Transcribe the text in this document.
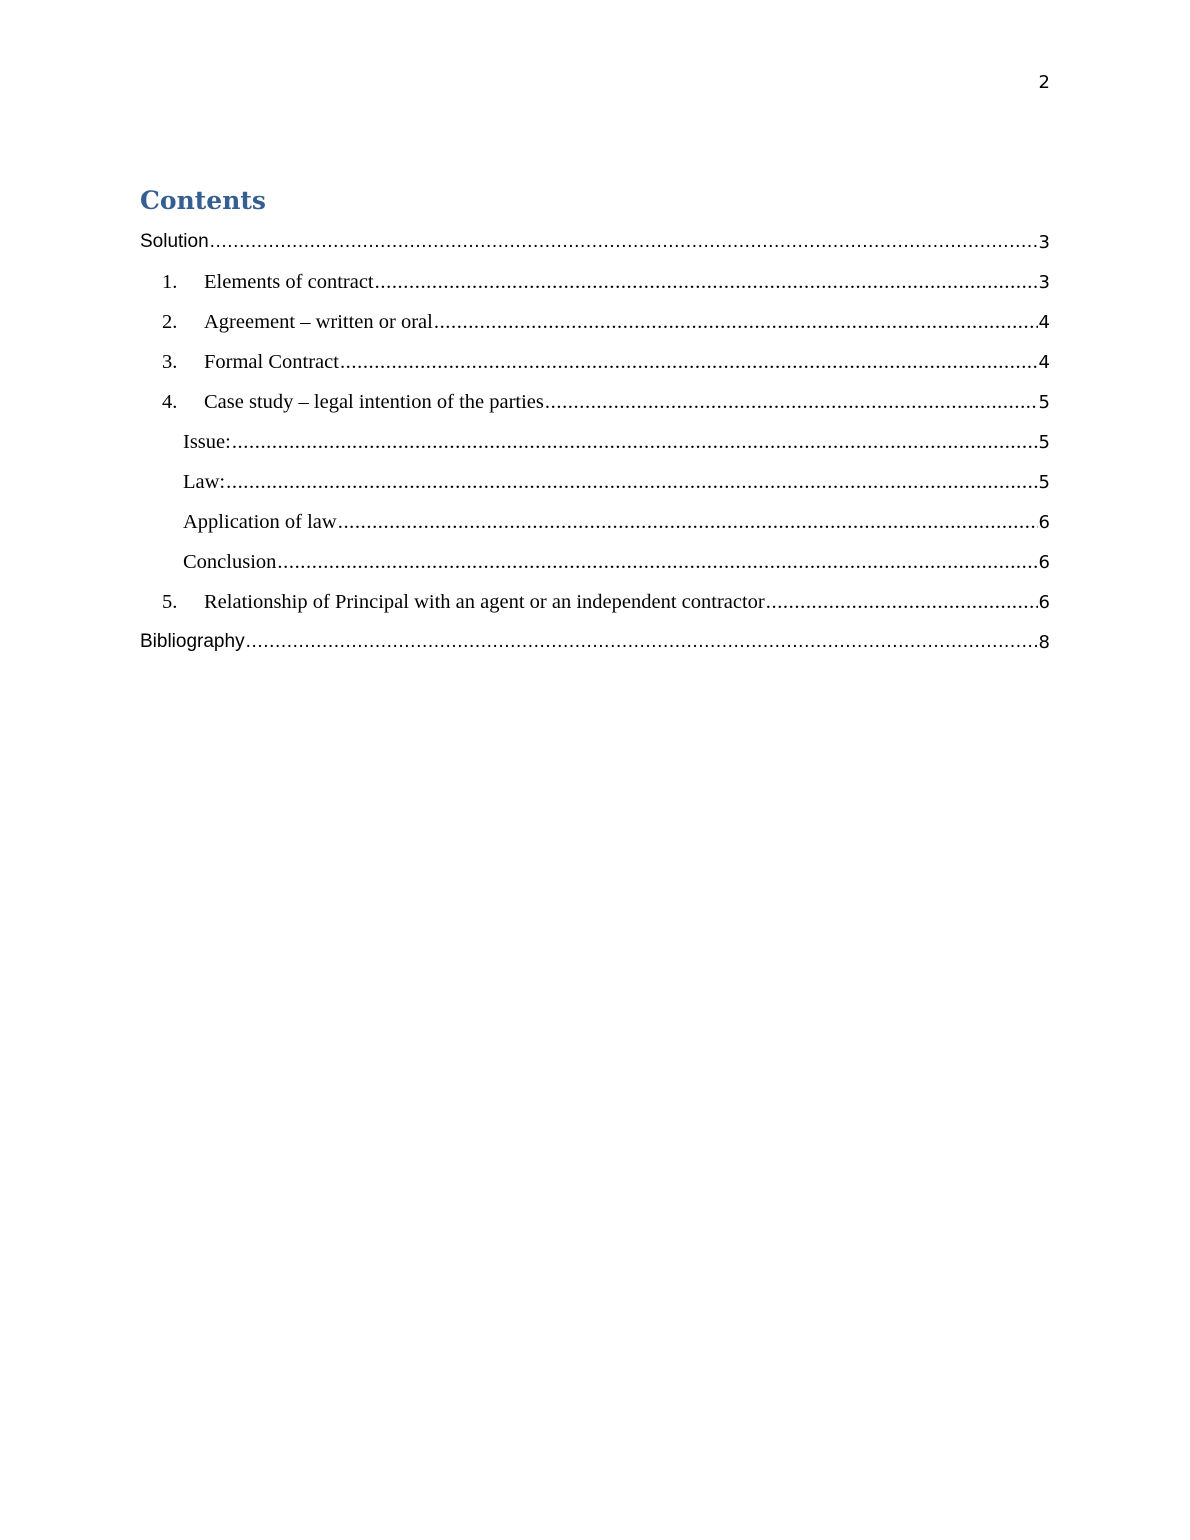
2
Contents
Solution .....	3
1.	Elements of contract .....	3
2.	Agreement – written or oral .....	4
3.	Formal Contract .....	4
4.	Case study – legal intention of the parties .....	5
Issue: .....	5
Law: .....	5
Application of law .....	6
Conclusion .....	6
5.	Relationship of Principal with an agent or an independent contractor .....	6
Bibliography .....	8
